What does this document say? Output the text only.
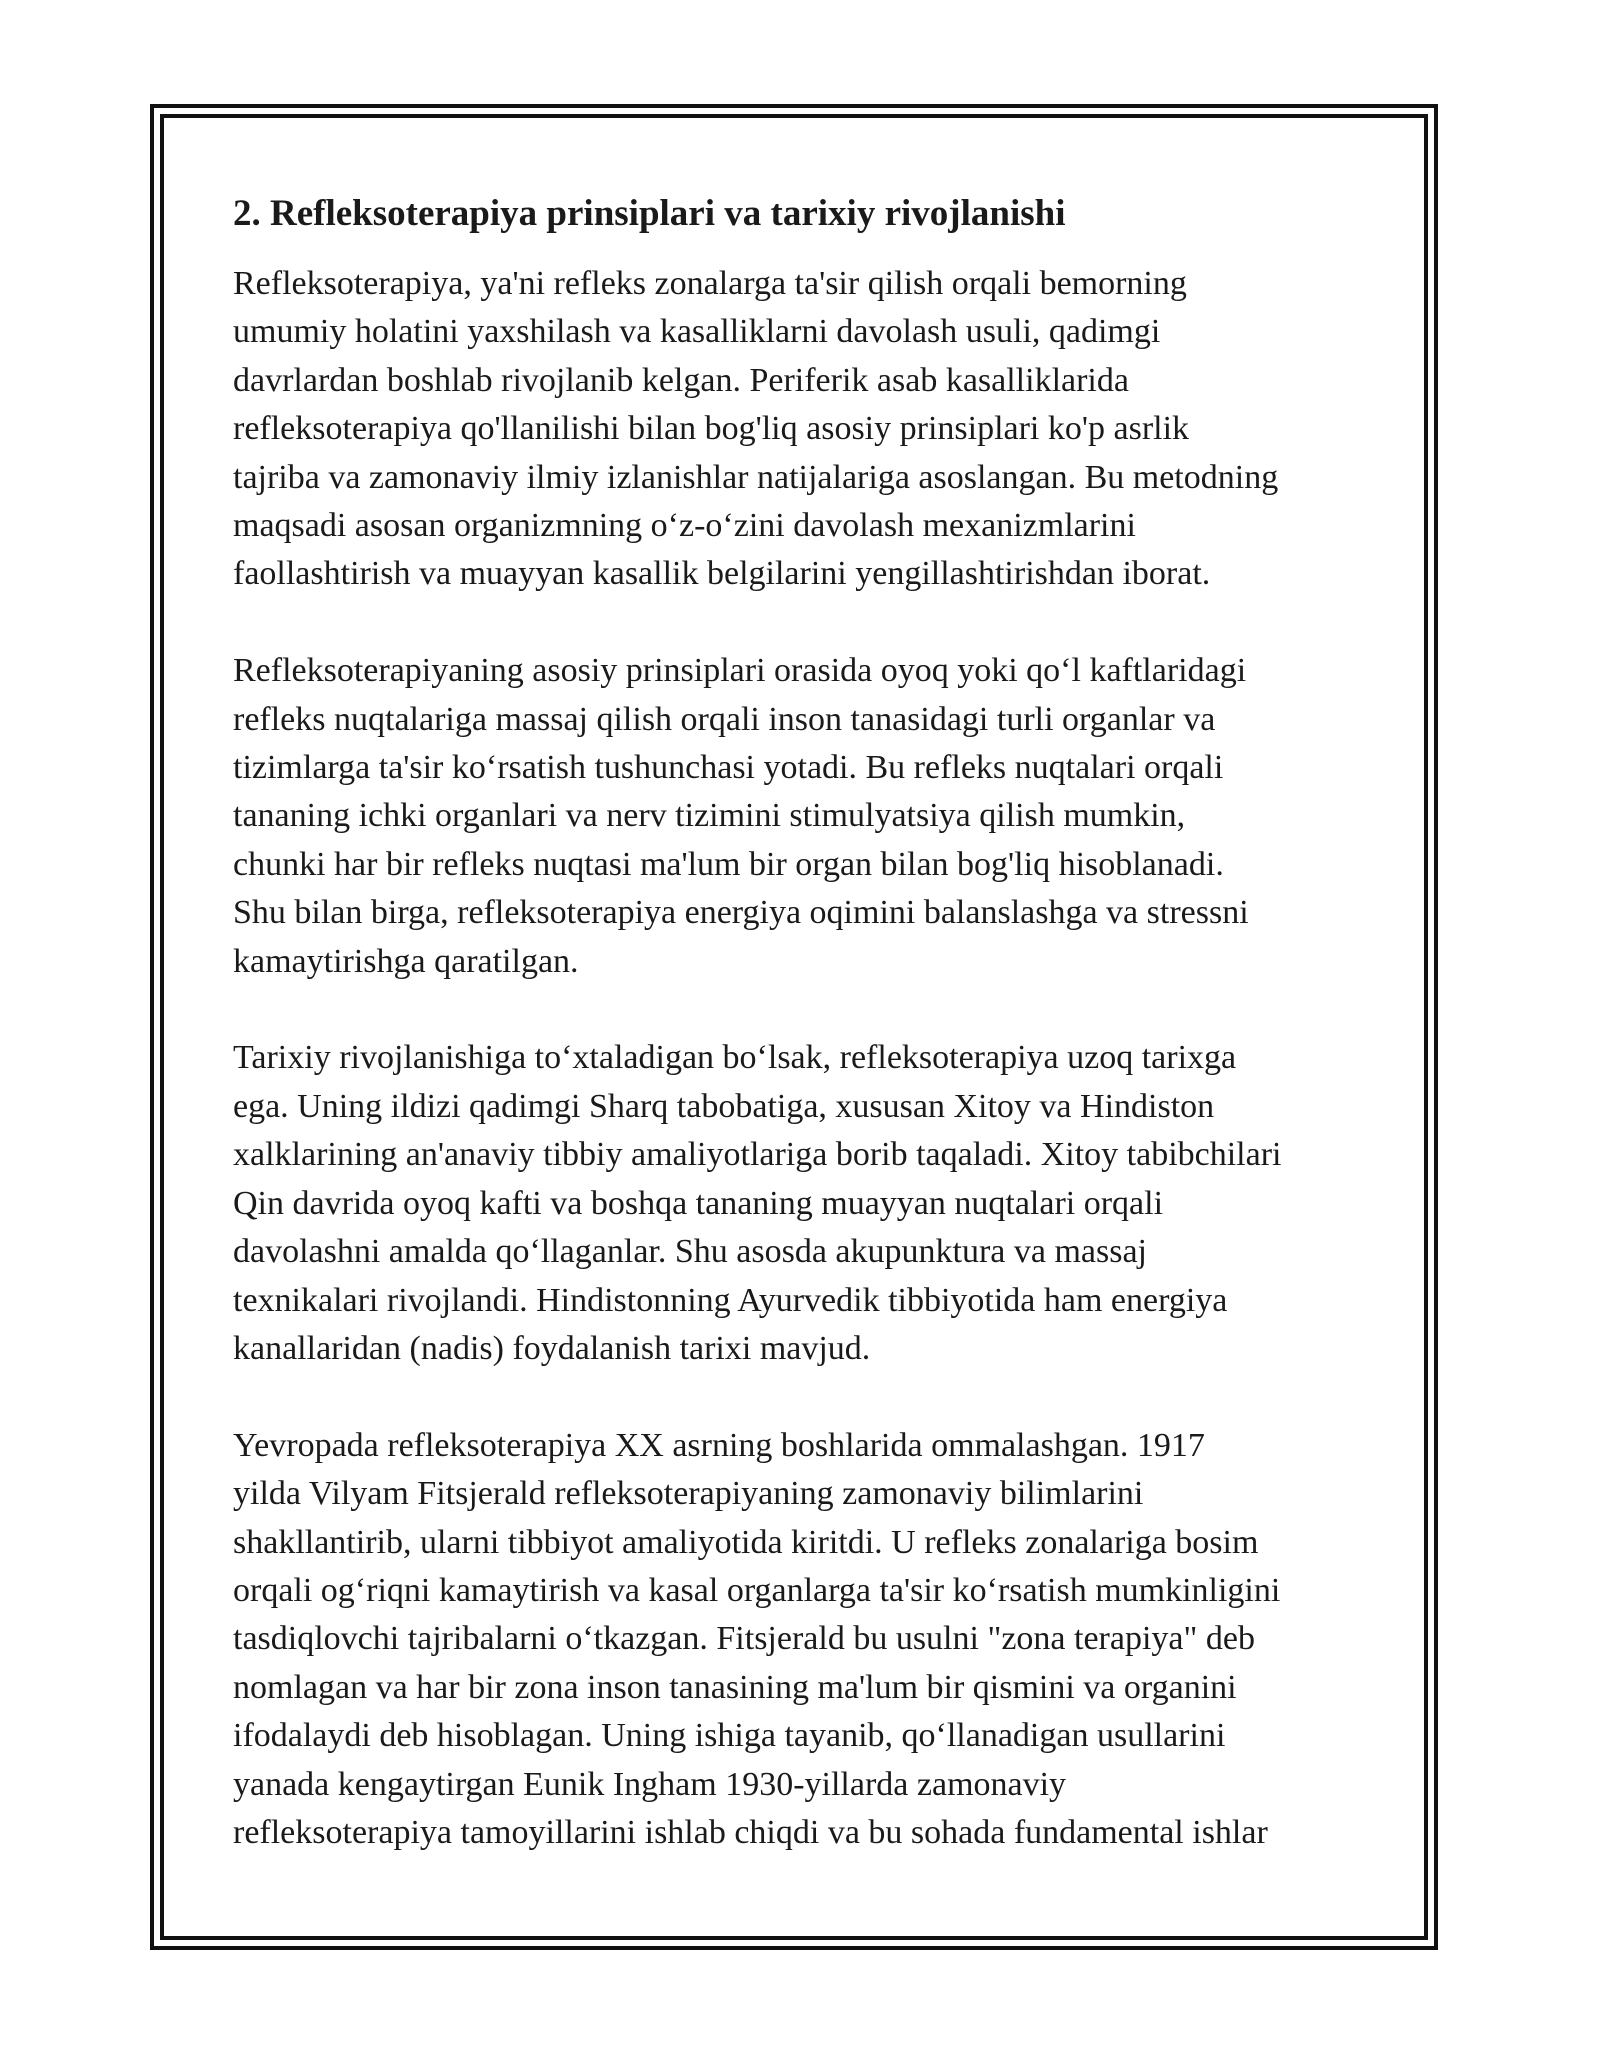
2. Refleksoterapiya prinsiplari va tarixiy rivojlanishi

Refleksoterapiya, ya'ni refleks zonalarga ta'sir qilish orqali bemorning
umumiy holatini yaxshilash va kasalliklarni davolash usuli, qadimgi
davrlardan boshlab rivojlanib kelgan. Periferik asab kasalliklarida
refleksoterapiya qo'llanilishi bilan bog'liq asosiy prinsiplari ko'p asrlik
tajriba va zamonaviy ilmiy izlanishlar natijalariga asoslangan. Bu metodning
maqsadi asosan organizmning o‘z-o‘zini davolash mexanizmlarini
faollashtirish va muayyan kasallik belgilarini yengillashtirishdan iborat.

Refleksoterapiyaning asosiy prinsiplari orasida oyoq yoki qo‘l kaftlaridagi
refleks nuqtalariga massaj qilish orqali inson tanasidagi turli organlar va
tizimlarga ta'sir ko‘rsatish tushunchasi yotadi. Bu refleks nuqtalari orqali
tananing ichki organlari va nerv tizimini stimulyatsiya qilish mumkin,
chunki har bir refleks nuqtasi ma'lum bir organ bilan bog'liq hisoblanadi.
Shu bilan birga, refleksoterapiya energiya oqimini balanslashga va stressni
kamaytirishga qaratilgan.

Tarixiy rivojlanishiga to‘xtaladigan bo‘lsak, refleksoterapiya uzoq tarixga
ega. Uning ildizi qadimgi Sharq tabobatiga, xususan Xitoy va Hindiston
xalklarining an'anaviy tibbiy amaliyotlariga borib taqaladi. Xitoy tabibchilari
Qin davrida oyoq kafti va boshqa tananing muayyan nuqtalari orqali
davolashni amalda qo‘llaganlar. Shu asosda akupunktura va massaj
texnikalari rivojlandi. Hindistonning Ayurvedik tibbiyotida ham energiya
kanallaridan (nadis) foydalanish tarixi mavjud.

Yevropada refleksoterapiya XX asrning boshlarida ommalashgan. 1917
yilda Vilyam Fitsjerald refleksoterapiyaning zamonaviy bilimlarini
shakllantirib, ularni tibbiyot amaliyotida kiritdi. U refleks zonalariga bosim
orqali og‘riqni kamaytirish va kasal organlarga ta'sir ko‘rsatish mumkinligini
tasdiqlovchi tajribalarni o‘tkazgan. Fitsjerald bu usulni "zona terapiya" deb
nomlagan va har bir zona inson tanasining ma'lum bir qismini va organini
ifodalaydi deb hisoblagan. Uning ishiga tayanib, qo‘llanadigan usullarini
yanada kengaytirgan Eunik Ingham 1930-yillarda zamonaviy
refleksoterapiya tamoyillarini ishlab chiqdi va bu sohada fundamental ishlar
